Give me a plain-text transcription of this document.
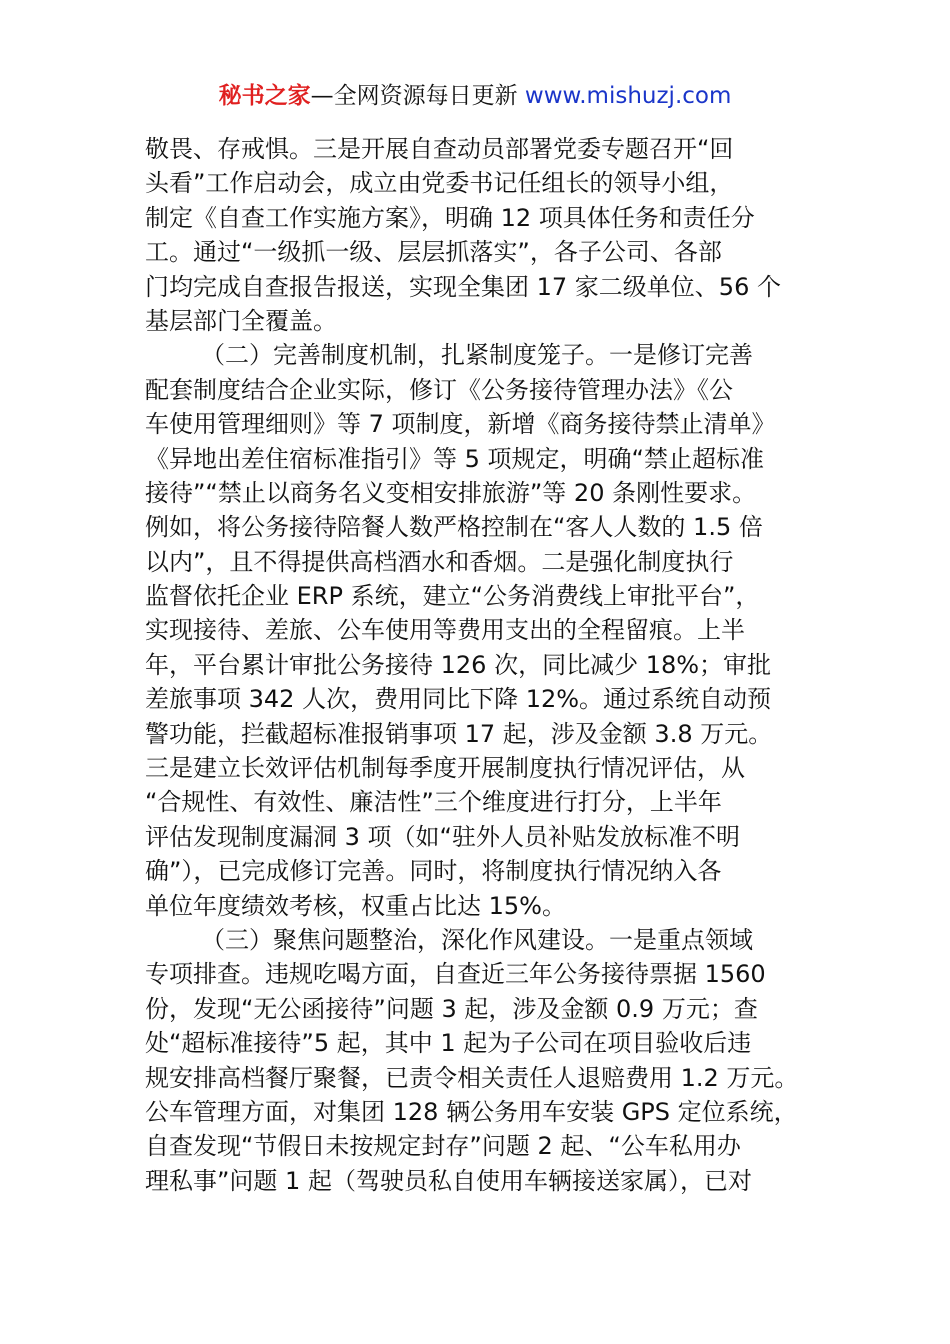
秘书之家—全网资源每日更新 www.mishuzj.com
敬畏、存戒惧。三是开展自查动员部署党委专题召开“回
头看”工作启动会，成立由党委书记任组长的领导小组，
制定《自查工作实施方案》，明确 12 项具体任务和责任分
工。通过“一级抓一级、层层抓落实”，各子公司、各部
门均完成自查报告报送，实现全集团 17 家二级单位、56 个
基层部门全覆盖。
（二）完善制度机制，扎紧制度笼子。一是修订完善
配套制度结合企业实际，修订《公务接待管理办法》《公
车使用管理细则》等 7 项制度，新增《商务接待禁止清单》
《异地出差住宿标准指引》等 5 项规定，明确“禁止超标准
接待”“禁止以商务名义变相安排旅游”等 20 条刚性要求。
例如，将公务接待陪餐人数严格控制在“客人人数的 1.5 倍
以内”，且不得提供高档酒水和香烟。二是强化制度执行
监督依托企业 ERP 系统，建立“公务消费线上审批平台”，
实现接待、差旅、公车使用等费用支出的全程留痕。上半
年，平台累计审批公务接待 126 次，同比减少 18%；审批
差旅事项 342 人次，费用同比下降 12%。通过系统自动预
警功能，拦截超标准报销事项 17 起，涉及金额 3.8 万元。
三是建立长效评估机制每季度开展制度执行情况评估，从
“合规性、有效性、廉洁性”三个维度进行打分，上半年
评估发现制度漏洞 3 项（如“驻外人员补贴发放标准不明
确”），已完成修订完善。同时，将制度执行情况纳入各
单位年度绩效考核，权重占比达 15%。
（三）聚焦问题整治，深化作风建设。一是重点领域
专项排查。违规吃喝方面，自查近三年公务接待票据 1560
份，发现“无公函接待”问题 3 起，涉及金额 0.9 万元；查
处“超标准接待”5 起，其中 1 起为子公司在项目验收后违
规安排高档餐厅聚餐，已责令相关责任人退赔费用 1.2 万元。
公车管理方面，对集团 128 辆公务用车安装 GPS 定位系统，
自查发现“节假日未按规定封存”问题 2 起、“公车私用办
理私事”问题 1 起（驾驶员私自使用车辆接送家属），已对
